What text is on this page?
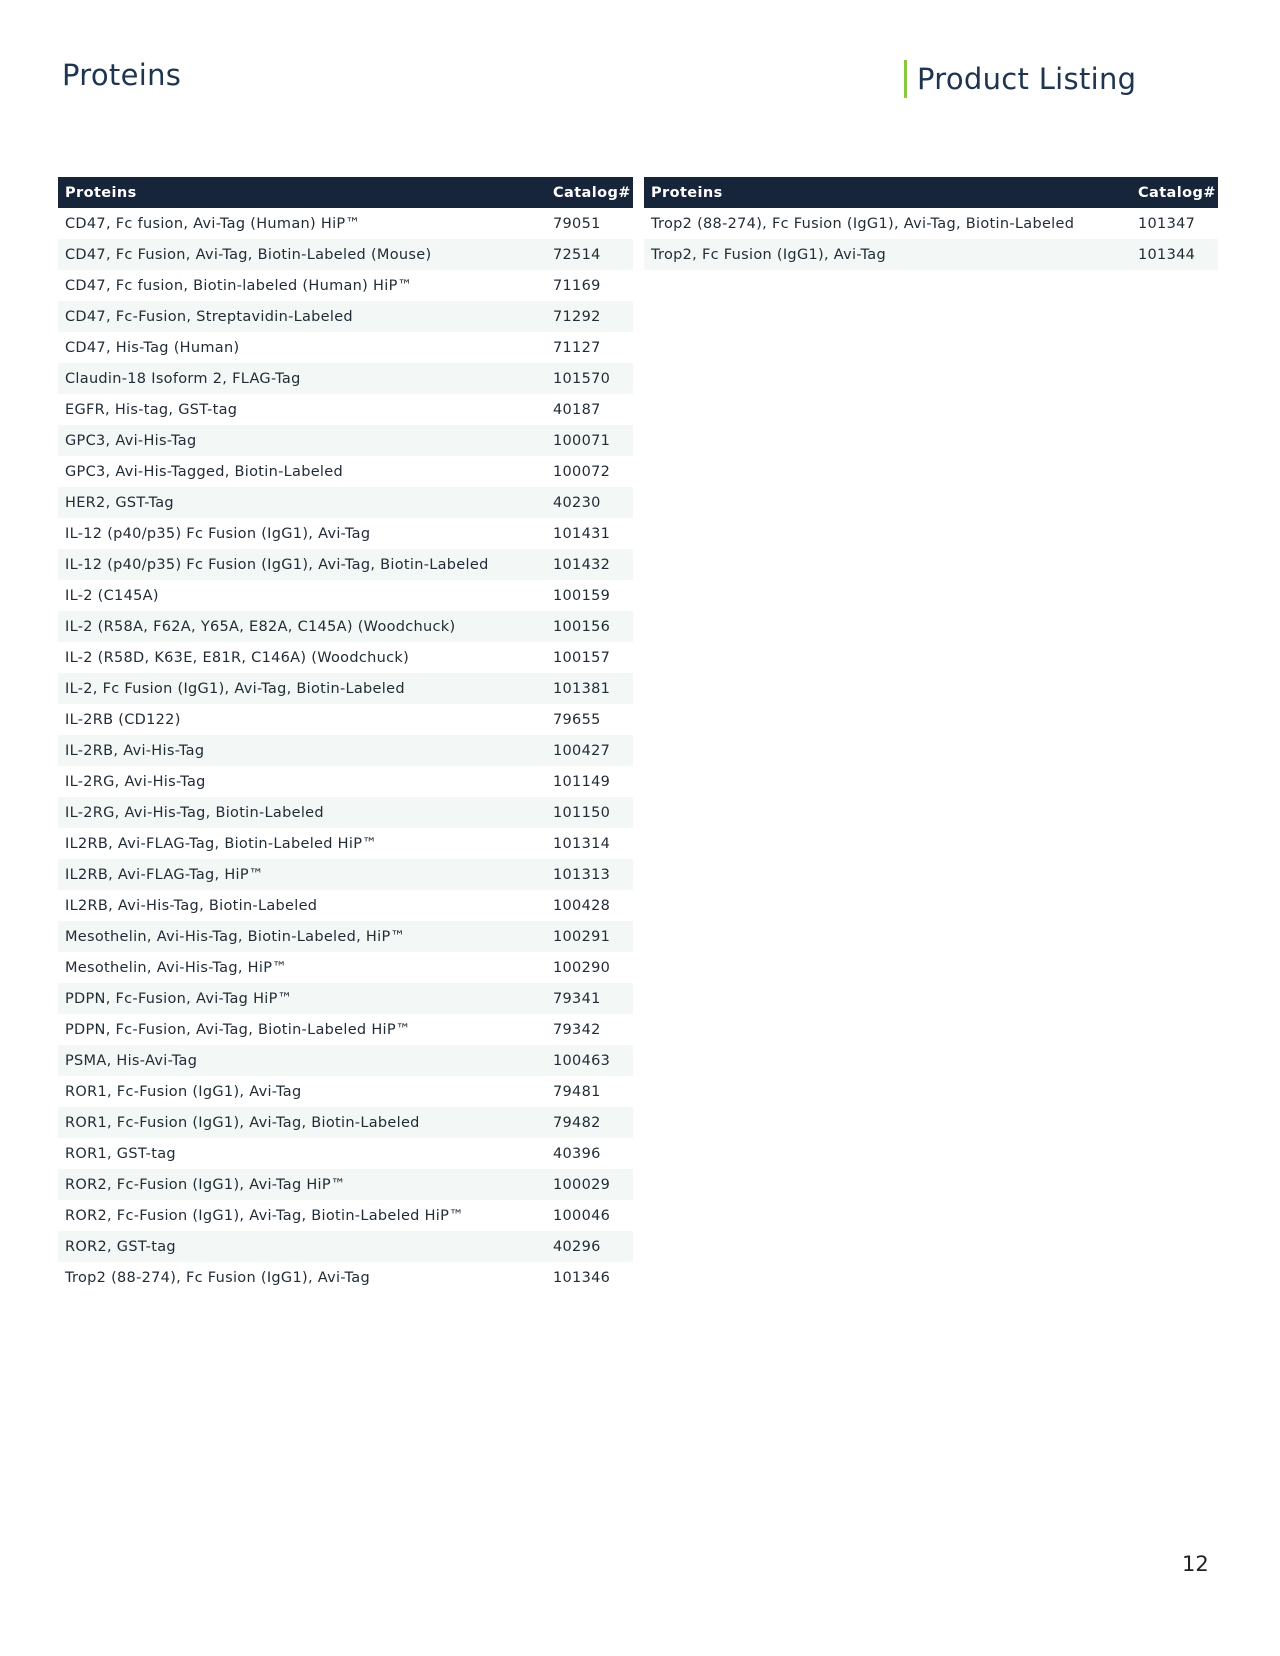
Proteins	Product Listing
Proteins	Catalog#
CD47, Fc fusion, Avi-Tag (Human) HiP™	79051
CD47, Fc Fusion, Avi-Tag, Biotin-Labeled (Mouse)	72514
CD47, Fc fusion, Biotin-labeled (Human) HiP™	71169
CD47, Fc-Fusion, Streptavidin-Labeled	71292
CD47, His-Tag (Human)	71127
Claudin-18 Isoform 2, FLAG-Tag	101570
EGFR, His-tag, GST-tag	40187
GPC3, Avi-His-Tag	100071
GPC3, Avi-His-Tagged, Biotin-Labeled	100072
HER2, GST-Tag	40230
IL-12 (p40/p35) Fc Fusion (IgG1), Avi-Tag	101431
IL-12 (p40/p35) Fc Fusion (IgG1), Avi-Tag, Biotin-Labeled	101432
IL-2 (C145A)	100159
IL-2 (R58A, F62A, Y65A, E82A, C145A) (Woodchuck)	100156
IL-2 (R58D, K63E, E81R, C146A) (Woodchuck)	100157
IL-2, Fc Fusion (IgG1), Avi-Tag, Biotin-Labeled	101381
IL-2RB (CD122)	79655
IL-2RB, Avi-His-Tag	100427
IL-2RG, Avi-His-Tag	101149
IL-2RG, Avi-His-Tag, Biotin-Labeled	101150
IL2RB, Avi-FLAG-Tag, Biotin-Labeled HiP™	101314
IL2RB, Avi-FLAG-Tag, HiP™	101313
IL2RB, Avi-His-Tag, Biotin-Labeled	100428
Mesothelin, Avi-His-Tag, Biotin-Labeled, HiP™	100291
Mesothelin, Avi-His-Tag, HiP™	100290
PDPN, Fc-Fusion, Avi-Tag HiP™	79341
PDPN, Fc-Fusion, Avi-Tag, Biotin-Labeled HiP™	79342
PSMA, His-Avi-Tag	100463
ROR1, Fc-Fusion (IgG1), Avi-Tag	79481
ROR1, Fc-Fusion (IgG1), Avi-Tag, Biotin-Labeled	79482
ROR1, GST-tag	40396
ROR2, Fc-Fusion (IgG1), Avi-Tag HiP™	100029
ROR2, Fc-Fusion (IgG1), Avi-Tag, Biotin-Labeled HiP™	100046
ROR2, GST-tag	40296
Trop2 (88-274), Fc Fusion (IgG1), Avi-Tag	101346
Proteins	Catalog#
Trop2 (88-274), Fc Fusion (IgG1), Avi-Tag, Biotin-Labeled	101347
Trop2, Fc Fusion (IgG1), Avi-Tag	101344
12
